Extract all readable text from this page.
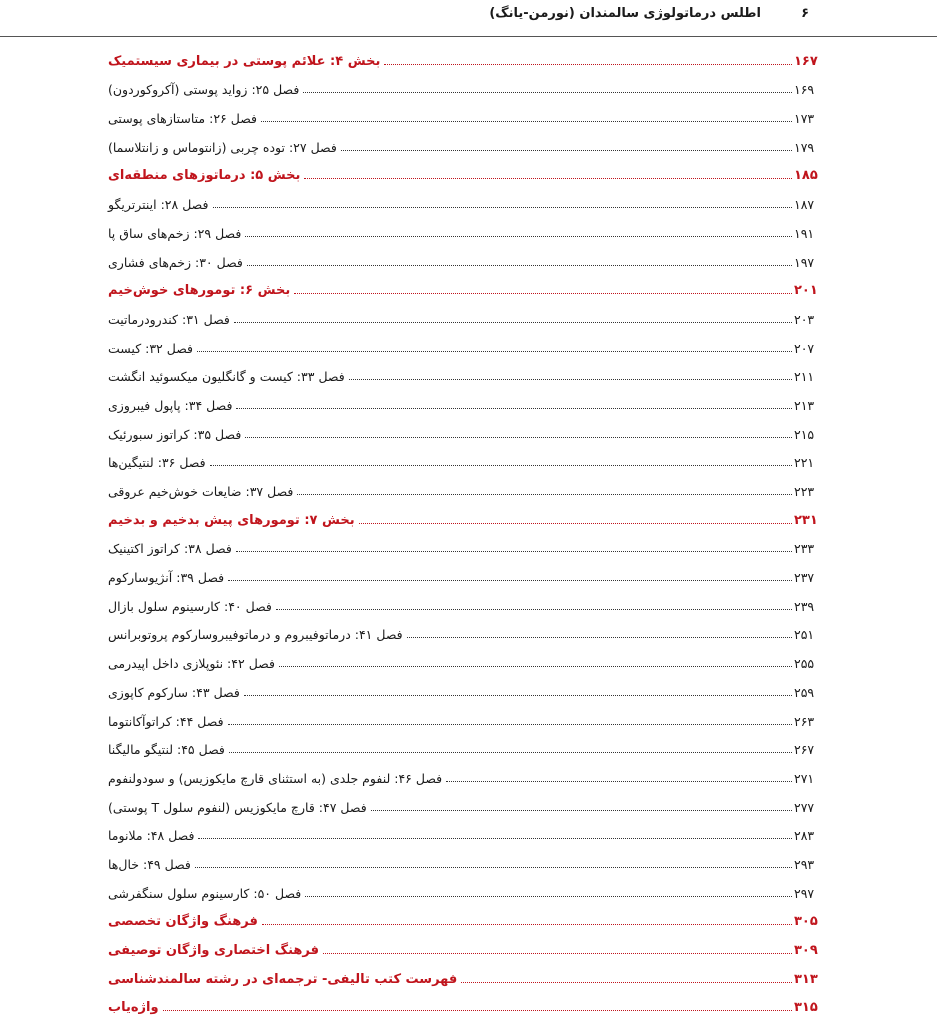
اطلس درماتولوژی سالمندان (نورمن-یانگ)	۶
بخش ۴: علائم پوستی در بیماری سیستمیک	۱۶۷
فصل ۲۵: زواید پوستی (آکروکوردون)	۱۶۹
فصل ۲۶: متاستازهای پوستی	۱۷۳
فصل ۲۷: توده چربی (زانتوماس و زانتلاسما)	۱۷۹
بخش ۵: درماتوزهای منطقه‌ای	۱۸۵
فصل ۲۸: اینترتریگو	۱۸۷
فصل ۲۹: زخم‌های ساق پا	۱۹۱
فصل ۳۰: زخم‌های فشاری	۱۹۷
بخش ۶: تومورهای خوش‌خیم	۲۰۱
فصل ۳۱: کندرودرماتیت	۲۰۳
فصل ۳۲: کیست	۲۰۷
فصل ۳۳: کیست و گانگلیون میکسوئید انگشت	۲۱۱
فصل ۳۴: پاپول فیبروزی	۲۱۳
فصل ۳۵: کراتوز سبورئیک	۲۱۵
فصل ۳۶: لنتیگین‌ها	۲۲۱
فصل ۳۷: ضایعات خوش‌خیم عروقی	۲۲۳
بخش ۷: تومورهای پیش بدخیم و بدخیم	۲۳۱
فصل ۳۸: کراتوز اکتینیک	۲۳۳
فصل ۳۹: آنژیوسارکوم	۲۳۷
فصل ۴۰: کارسینوم سلول بازال	۲۳۹
فصل ۴۱: درماتوفیبروم و درماتوفیبروسارکوم پروتوبرانس	۲۵۱
فصل ۴۲: نئوپلازی داخل اپیدرمی	۲۵۵
فصل ۴۳: سارکوم کاپوزی	۲۵۹
فصل ۴۴: کراتوآکانتوما	۲۶۳
فصل ۴۵: لنتیگو مالیگنا	۲۶۷
فصل ۴۶: لنفوم جلدی (به استثنای قارچ مایکوزیس) و سودولنفوم	۲۷۱
فصل ۴۷: قارچ مایکوزیس (لنفوم سلول T پوستی)	۲۷۷
فصل ۴۸: ملانوما	۲۸۳
فصل ۴۹: خال‌ها	۲۹۳
فصل ۵۰: کارسینوم سلول سنگفرشی	۲۹۷
فرهنگ واژگان تخصصی	۳۰۵
فرهنگ اختصاری واژگان توصیفی	۳۰۹
فهرست کتب تالیفی- ترجمه‌ای در رشته سالمندشناسی	۳۱۳
واژه‌یاب	۳۱۵
